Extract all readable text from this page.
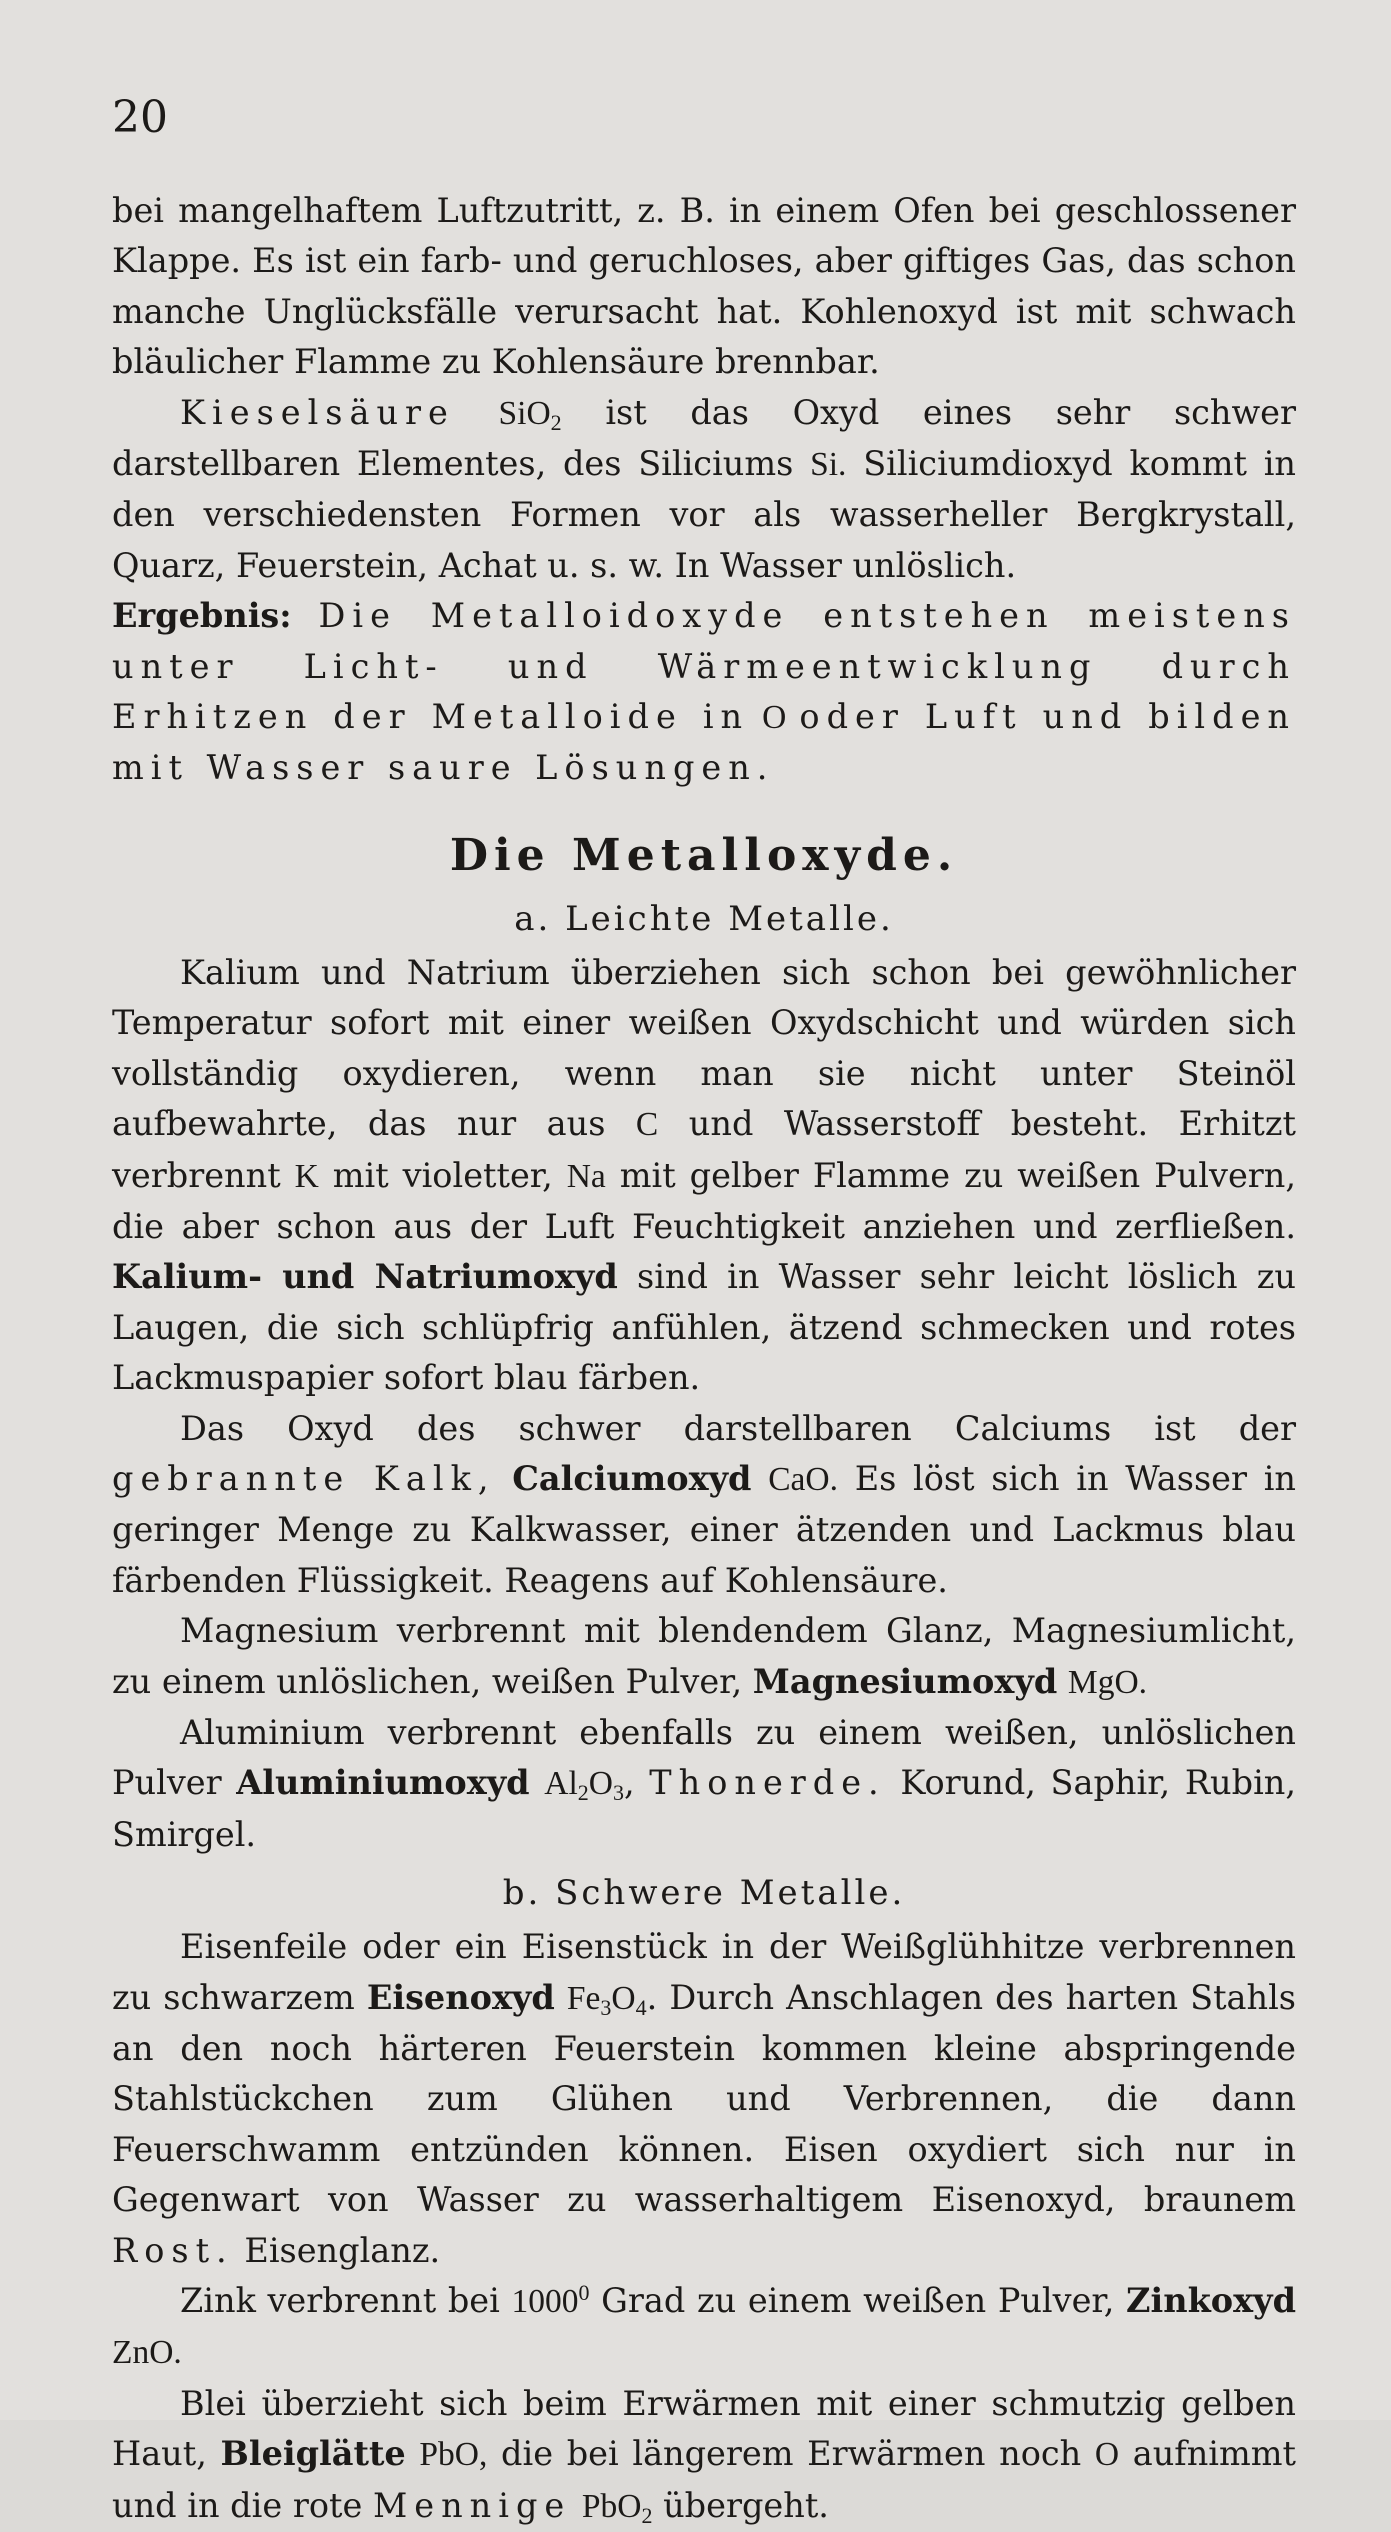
20

bei mangelhaftem Luftzutritt, z. B. in einem Ofen bei geschlossener Klappe. Es ist ein farb- und geruchloses, aber giftiges Gas, das schon manche Unglücksfälle verursacht hat. Kohlenoxyd ist mit schwach bläulicher Flamme zu Kohlensäure brennbar.

Kieselsäure SiO$_2$ ist das Oxyd eines sehr schwer darstellbaren Elementes, des Siliciums Si. Siliciumdioxyd kommt in den verschiedensten Formen vor als wasserheller Bergkrystall, Quarz, Feuerstein, Achat u. s. w. In Wasser unlöslich.

Ergebnis: Die Metalloidoxyde entstehen meistens unter Licht- und Wärmeentwicklung durch Erhitzen der Metalloide in O oder Luft und bilden mit Wasser saure Lösungen.

Die Metalloxyde.
a. Leichte Metalle.

Kalium und Natrium überziehen sich schon bei gewöhnlicher Temperatur sofort mit einer weißen Oxydschicht und würden sich vollständig oxydieren, wenn man sie nicht unter Steinöl aufbewahrte, das nur aus C und Wasserstoff besteht. Erhitzt verbrennt K mit violetter, Na mit gelber Flamme zu weißen Pulvern, die aber schon aus der Luft Feuchtigkeit anziehen und zerfließen. Kalium- und Natriumoxyd sind in Wasser sehr leicht löslich zu Laugen, die sich schlüpfrig anfühlen, ätzend schmecken und rotes Lackmuspapier sofort blau färben.

Das Oxyd des schwer darstellbaren Calciums ist der gebrannte Kalk, Calciumoxyd CaO. Es löst sich in Wasser in geringer Menge zu Kalkwasser, einer ätzenden und Lackmus blau färbenden Flüssigkeit. Reagens auf Kohlensäure.

Magnesium verbrennt mit blendendem Glanz, Magnesiumlicht, zu einem unlöslichen, weißen Pulver, Magnesiumoxyd MgO.

Aluminium verbrennt ebenfalls zu einem weißen, unlöslichen Pulver Aluminiumoxyd $Al_2O_3$, Thonerde. Korund, Saphir, Rubin, Smirgel.

b. Schwere Metalle.

Eisenfeile oder ein Eisenstück in der Weißglühhitze verbrennen zu schwarzem Eisenoxyd $Fe_3O_4$. Durch Anschlagen des harten Stahls an den noch härteren Feuerstein kommen kleine abspringende Stahlstückchen zum Glühen und Verbrennen, die dann Feuerschwamm entzünden können. Eisen oxydiert sich nur in Gegenwart von Wasser zu wasserhaltigem Eisenoxyd, braunem Rost. Eisenglanz.

Zink verbrennt bei 1000$^0$ Grad zu einem weißen Pulver, Zinkoxyd ZnO.

Blei überzieht sich beim Erwärmen mit einer schmutzig gelben Haut, Bleiglätte PbO, die bei längerem Erwärmen noch O aufnimmt und in die rote Mennige PbO$_2$ übergeht.
